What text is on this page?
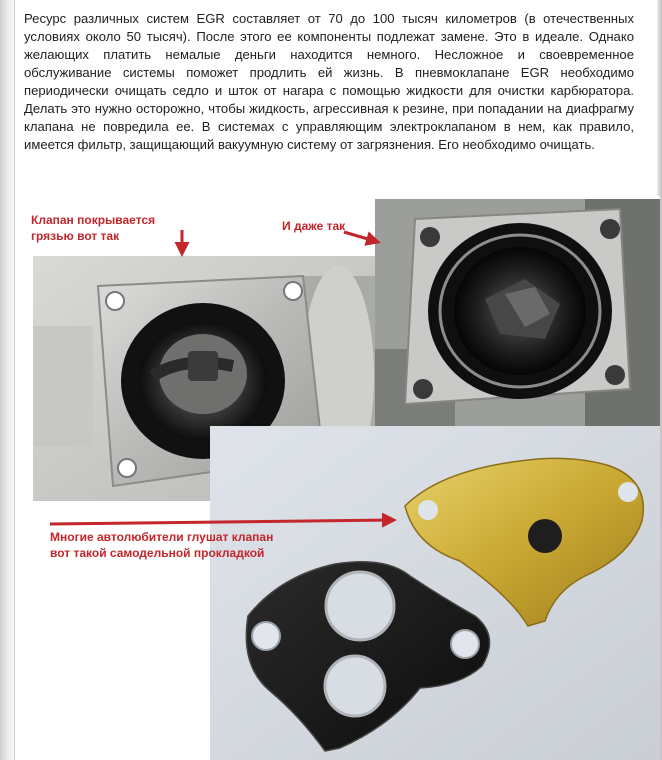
Ресурс различных систем EGR составляет от 70 до 100 тысяч километров (в отечественных условиях около 50 тысяч). После этого ее компоненты подлежат замене. Это в идеале. Однако желающих платить немалые деньги находится немного. Несложное и своевременное обслуживание системы поможет продлить ей жизнь. В пневмоклапане EGR необходимо периодически очищать седло и шток от нагара с помощью жидкости для очистки карбюратора. Делать это нужно осторожно, чтобы жидкость, агрессивная к резине, при попадании на диафрагму клапана не повредила ее. В системах с управляющим электроклапаном в нем, как правило, имеется фильтр, защищающий вакуумную систему от загрязнения. Его необходимо очищать.

Клапан покрывается
грязью вот так

И даже так

Многие автолюбители глушат клапан
вот такой самодельной прокладкой
